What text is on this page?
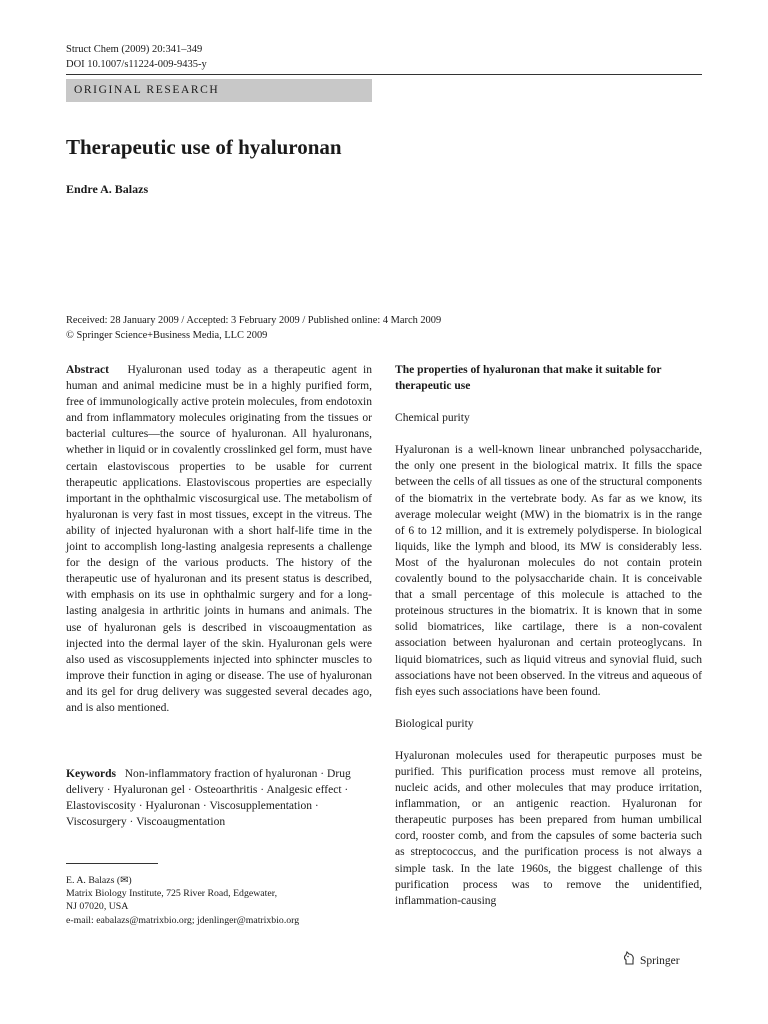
Struct Chem (2009) 20:341–349
DOI 10.1007/s11224-009-9435-y
ORIGINAL RESEARCH
Therapeutic use of hyaluronan
Endre A. Balazs
Received: 28 January 2009 / Accepted: 3 February 2009 / Published online: 4 March 2009
© Springer Science+Business Media, LLC 2009

Abstract Hyaluronan used today as a therapeutic agent in human and animal medicine must be in a highly purified form, free of immunologically active protein molecules, from endotoxin and from inflammatory molecules originating from the tissues or bacterial cultures—the source of hyaluronan. All hyaluronans, whether in liquid or in covalently crosslinked gel form, must have certain elastoviscous properties to be usable for current therapeutic applications. Elastoviscous properties are especially important in the ophthalmic viscosurgical use. The metabolism of hyaluronan is very fast in most tissues, except in the vitreus. The ability of injected hyaluronan with a short half-life time in the joint to accomplish long-lasting analgesia represents a challenge for the design of the various products. The history of the therapeutic use of hyaluronan and its present status is described, with emphasis on its use in ophthalmic surgery and for a long-lasting analgesia in arthritic joints in humans and animals. The use of hyaluronan gels is described in viscoaugmentation as injected into the dermal layer of the skin. Hyaluronan gels were also used as viscosupplements injected into sphincter muscles to improve their function in aging or disease. The use of hyaluronan and its gel for drug delivery was suggested several decades ago, and is also mentioned.

Keywords Non-inflammatory fraction of hyaluronan · Drug delivery · Hyaluronan gel · Osteoarthritis · Analgesic effect · Elastoviscosity · Hyaluronan · Viscosupplementation · Viscosurgery · Viscoaugmentation

E. A. Balazs (✉)
Matrix Biology Institute, 725 River Road, Edgewater,
NJ 07020, USA
e-mail: eabalazs@matrixbio.org; jdenlinger@matrixbio.org

The properties of hyaluronan that make it suitable for therapeutic use

Chemical purity

Hyaluronan is a well-known linear unbranched polysaccharide, the only one present in the biological matrix. It fills the space between the cells of all tissues as one of the structural components of the biomatrix in the vertebrate body. As far as we know, its average molecular weight (MW) in the biomatrix is in the range of 6 to 12 million, and it is extremely polydisperse. In biological liquids, like the lymph and blood, its MW is considerably less. Most of the hyaluronan molecules do not contain protein covalently bound to the polysaccharide chain. It is conceivable that a small percentage of this molecule is attached to the proteinous structures in the biomatrix. It is known that in some solid biomatrices, like cartilage, there is a non-covalent association between hyaluronan and certain proteoglycans. In liquid biomatrices, such as liquid vitreus and synovial fluid, such associations have not been observed. In the vitreus and aqueous of fish eyes such associations have been found.

Biological purity

Hyaluronan molecules used for therapeutic purposes must be purified. This purification process must remove all proteins, nucleic acids, and other molecules that may produce irritation, inflammation, or an antigenic reaction. Hyaluronan for therapeutic purposes has been prepared from human umbilical cord, rooster comb, and from the capsules of some bacteria such as streptococcus, and the purification process is not always a simple task. In the late 1960s, the biggest challenge of this purification process was to remove the unidentified, inflammation-causing

Springer
